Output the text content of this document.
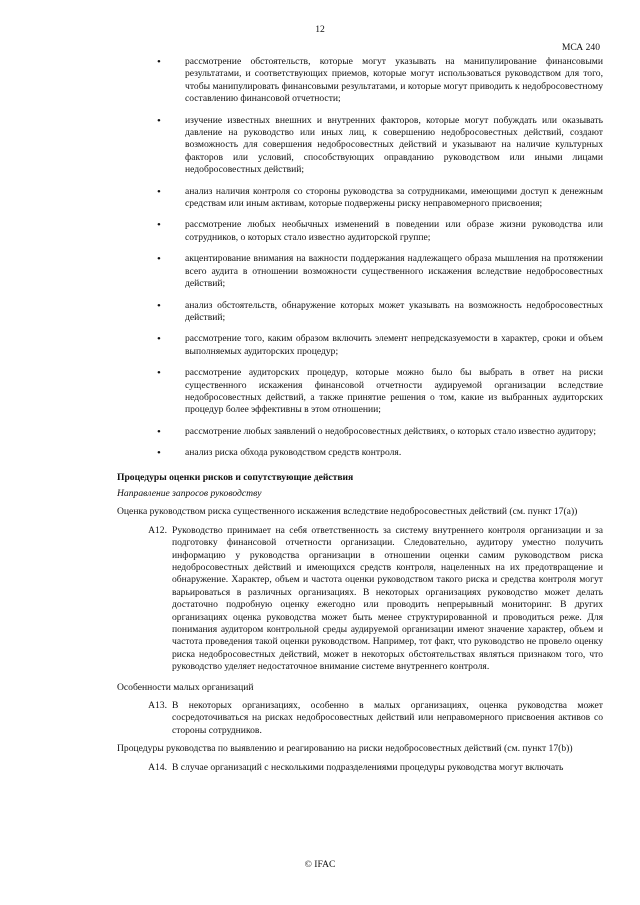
12
МСА 240
•	рассмотрение обстоятельств, которые могут указывать на манипулирование финансовыми результатами, и соответствующих приемов, которые могут использоваться руководством для того, чтобы манипулировать финансовыми результатами, и которые могут приводить к недобросовестному составлению финансовой отчетности;
•	изучение известных внешних и внутренних факторов, которые могут побуждать или оказывать давление на руководство или иных лиц, к совершению недобросовестных действий, создают возможность для совершения недобросовестных действий и указывают на наличие культурных факторов или условий, способствующих оправданию руководством или иными лицами недобросовестных действий;
•	анализ наличия контроля со стороны руководства за сотрудниками, имеющими доступ к денежным средствам или иным активам, которые подвержены риску неправомерного присвоения;
•	рассмотрение любых необычных изменений в поведении или образе жизни руководства или сотрудников, о которых стало известно аудиторской группе;
•	акцентирование внимания на важности поддержания надлежащего образа мышления на протяжении всего аудита в отношении возможности существенного искажения вследствие недобросовестных действий;
•	анализ обстоятельств, обнаружение которых может указывать на возможность недобросовестных действий;
•	рассмотрение того, каким образом включить элемент непредсказуемости в характер, сроки и объем выполняемых аудиторских процедур;
•	рассмотрение аудиторских процедур, которые можно было бы выбрать в ответ на риски существенного искажения финансовой отчетности аудируемой организации вследствие недобросовестных действий, а также принятие решения о том, какие из выбранных аудиторских процедур более эффективны в этом отношении;
•	рассмотрение любых заявлений о недобросовестных действиях, о которых стало известно аудитору;
•	анализ риска обхода руководством средств контроля.
Процедуры оценки рисков и сопутствующие действия
Направление запросов руководству
Оценка руководством риска существенного искажения вследствие недобросовестных действий (см. пункт 17(а))
A12. Руководство принимает на себя ответственность за систему внутреннего контроля организации и за подготовку финансовой отчетности организации. Следовательно, аудитору уместно получить информацию у руководства организации в отношении оценки самим руководством риска недобросовестных действий и имеющихся средств контроля, нацеленных на их предотвращение и обнаружение. Характер, объем и частота оценки руководством такого риска и средства контроля могут варьироваться в различных организациях. В некоторых организациях руководство может делать достаточно подробную оценку ежегодно или проводить непрерывный мониторинг. В других организациях оценка руководства может быть менее структурированной и проводиться реже. Для понимания аудитором контрольной среды аудируемой организации имеют значение характер, объем и частота проведения такой оценки руководством. Например, тот факт, что руководство не провело оценку риска недобросовестных действий, может в некоторых обстоятельствах являться признаком того, что руководство уделяет недостаточное внимание системе внутреннего контроля.
Особенности малых организаций
A13. В некоторых организациях, особенно в малых организациях, оценка руководства может сосредоточиваться на рисках недобросовестных действий или неправомерного присвоения активов со стороны сотрудников.
Процедуры руководства по выявлению и реагированию на риски недобросовестных действий (см. пункт 17(b))
A14. В случае организаций с несколькими подразделениями процедуры руководства могут включать
© IFAC
